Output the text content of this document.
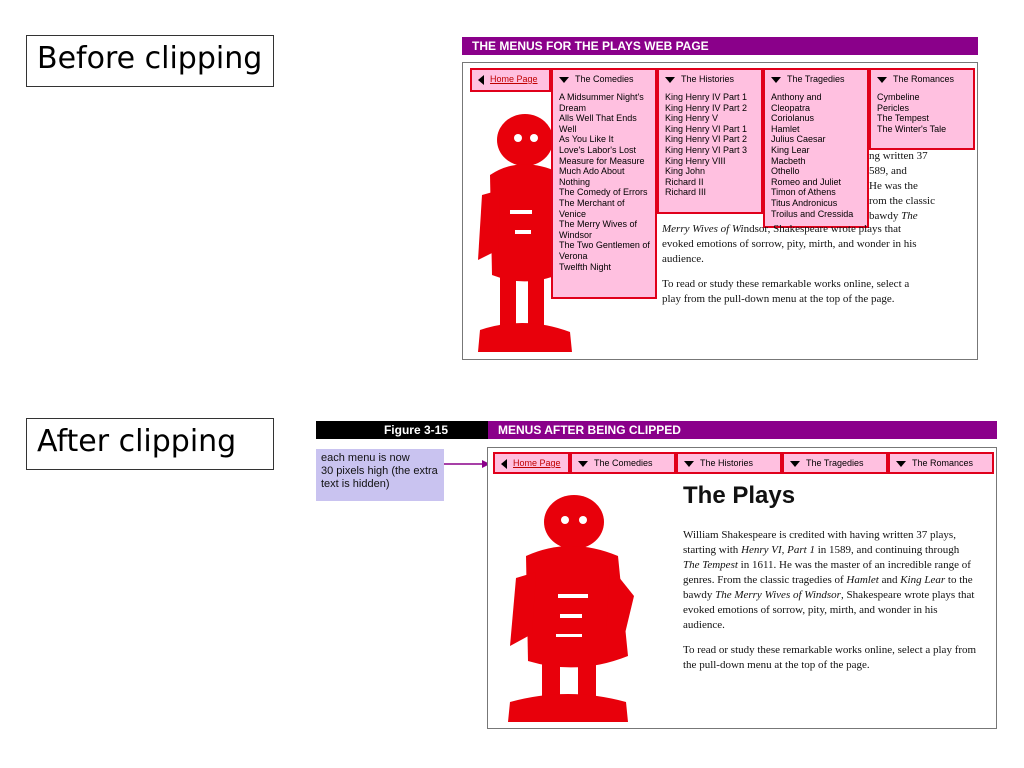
Before clipping
After clipping
THE MENUS FOR THE PLAYS WEB PAGE
Home Page	The Comedies
A Midsummer Night's Dream
Alls Well That Ends Well
As You Like It
Love's Labor's Lost
Measure for Measure
Much Ado About Nothing
The Comedy of Errors
The Merchant of Venice
The Merry Wives of Windsor
The Two Gentlemen of Verona
Twelfth Night
The Histories
King Henry IV Part 1
King Henry IV Part 2
King Henry V
King Henry VI Part 1
King Henry VI Part 2
King Henry VI Part 3
King Henry VIII
King John
Richard II
Richard III
The Tragedies
Anthony and Cleopatra
Coriolanus
Hamlet
Julius Caesar
King Lear
Macbeth
Othello
Romeo and Juliet
Timon of Athens
Titus Andronicus
Troilus and Cressida
The Romances
Cymbeline
Pericles
The Tempest
The Winter's Tale
ng written 37
589, and
He was the
rom the classic
bawdy The
Merry Wives of Windsor, Shakespeare wrote plays that
evoked emotions of sorrow, pity, mirth, and wonder in his
audience.
To read or study these remarkable works online, select a
play from the pull-down menu at the top of the page.
Figure 3-15	MENUS AFTER BEING CLIPPED
each menu is now
30 pixels high (the extra
text is hidden)
Home Page	The Comedies	The Histories	The Tragedies	The Romances
The Plays

William Shakespeare is credited with having written 37 plays, starting with Henry VI, Part 1 in 1589, and continuing through The Tempest in 1611. He was the master of an incredible range of genres. From the classic tragedies of Hamlet and King Lear to the bawdy The Merry Wives of Windsor, Shakespeare wrote plays that evoked emotions of sorrow, pity, mirth, and wonder in his audience.

To read or study these remarkable works online, select a play from the pull-down menu at the top of the page.
